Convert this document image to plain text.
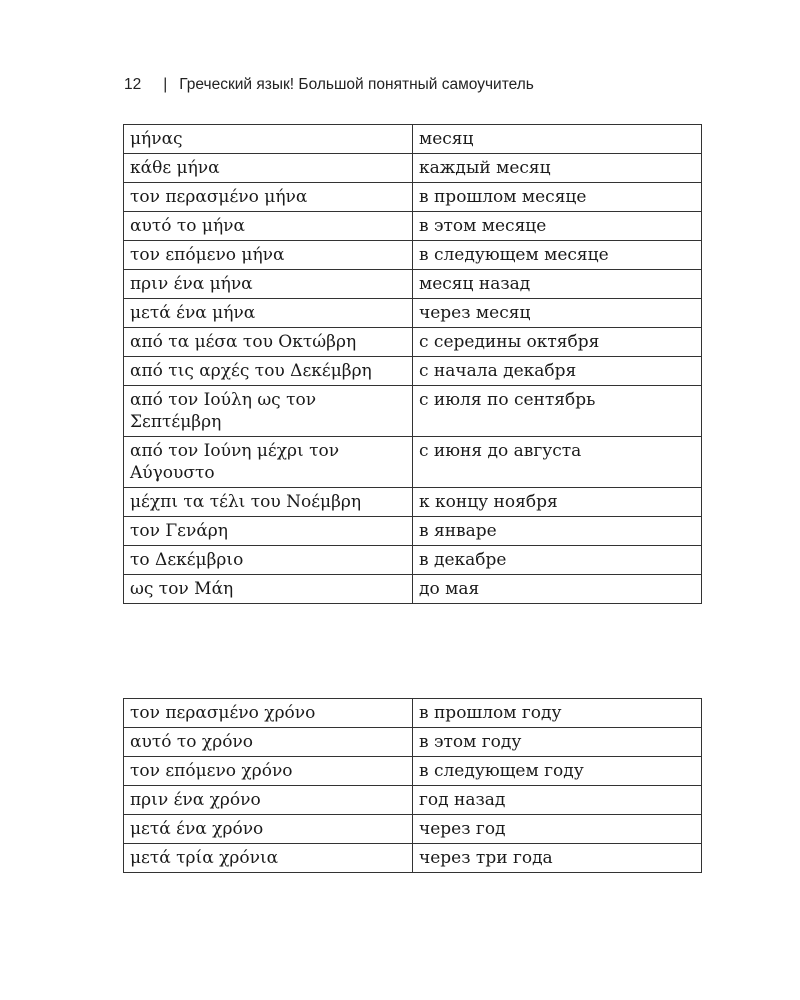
12 | Греческий язык! Большой понятный самоучитель
μήνας	месяц
κάθε μήνα	каждый месяц
τον περασμένο μήνα	в прошлом месяце
αυτό το μήνα	в этом месяце
τον επόμενο μήνα	в следующем месяце
πριν ένα μήνα	месяц назад
μετά ένα μήνα	через месяц
από τα μέσα του Οκτώβρη	с середины октября
από τις αρχές του Δεκέμβρη	с начала декабря
από τον Ιούλη ως τον Σεπτέμβρη	с июля по сентябрь
από τον Ιούνη μέχρι τον Αύγουστο	с июня до августа
μέχπι τα τέλι του Νοέμβρη	к концу ноября
τον Γενάρη	в январе
το Δεκέμβριο	в декабре
ως τον Μάη	до мая
τον περασμένο χρόνο	в прошлом году
αυτό το χρόνο	в этом году
τον επόμενο χρόνο	в следующем году
πριν ένα χρόνο	год назад
μετά ένα χρόνο	через год
μετά τρία χρόνια	через три года
